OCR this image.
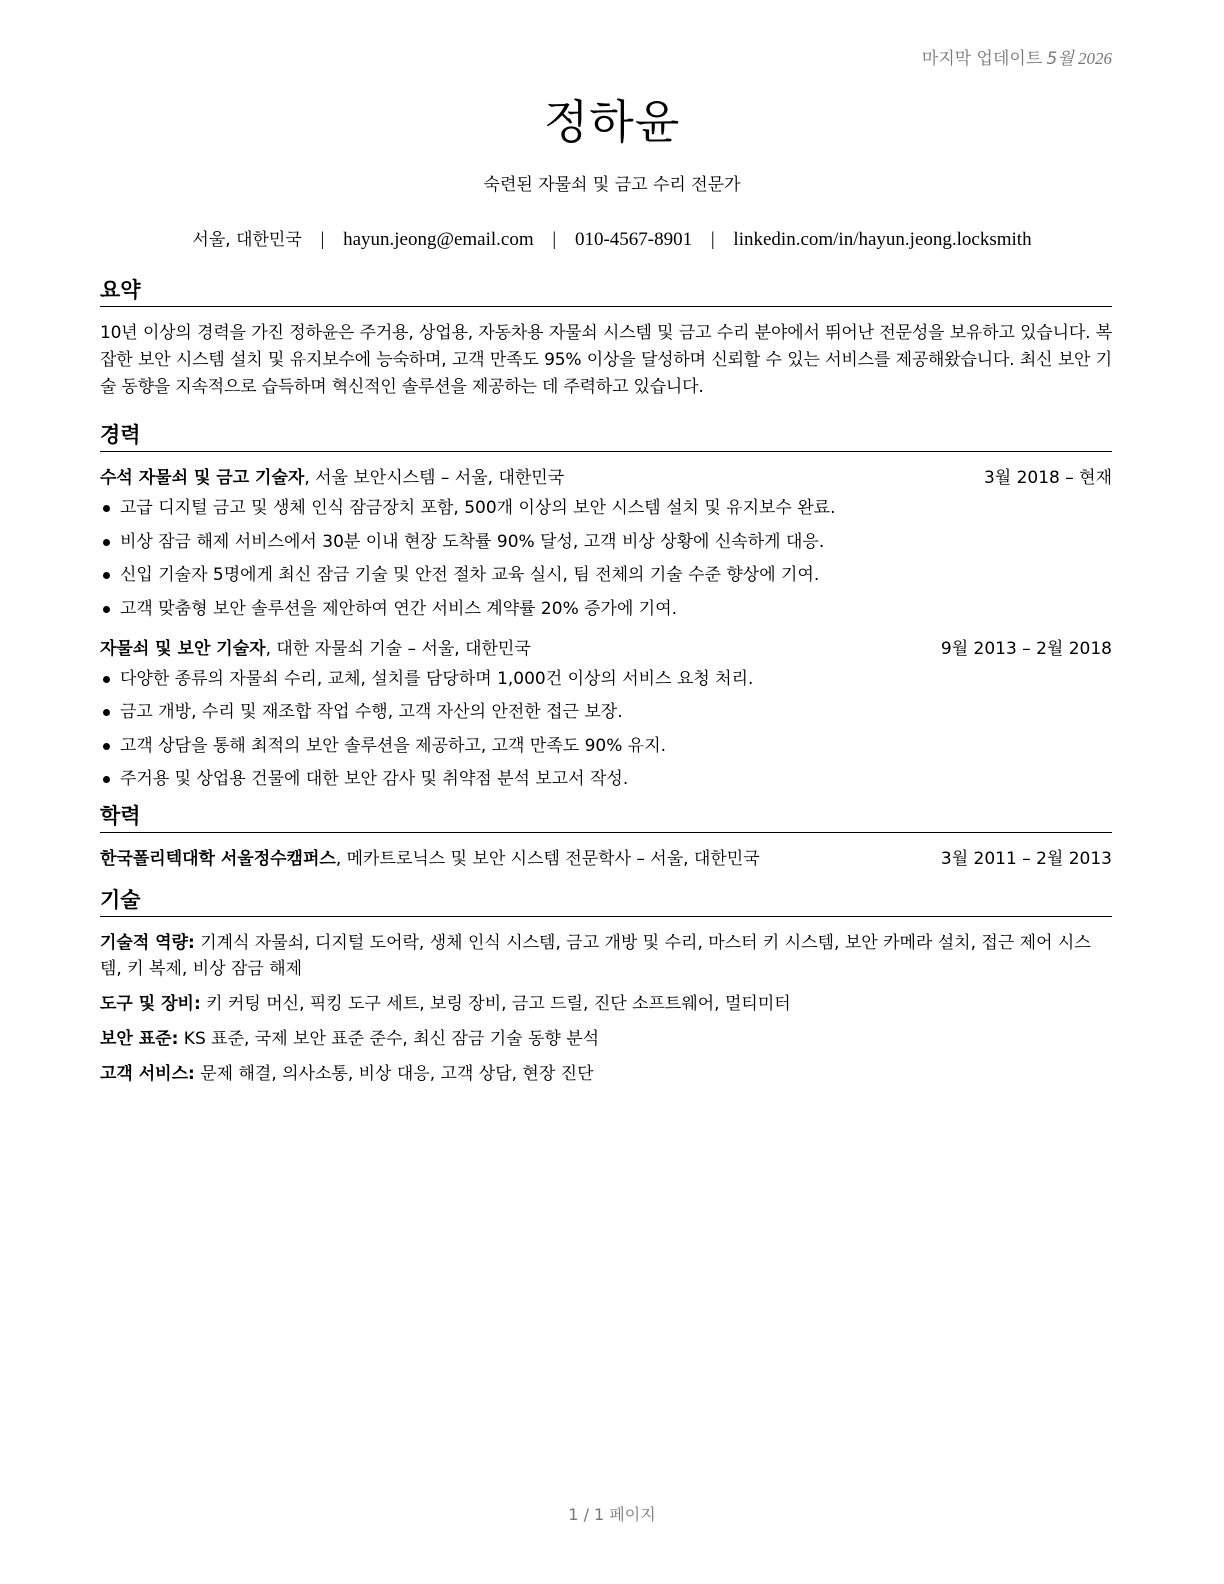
마지막 업데이트 5월 2026
정하윤
숙련된 자물쇠 및 금고 수리 전문가
서울, 대한민국 | hayun.jeong@email.com | 010-4567-8901 | linkedin.com/in/hayun.jeong.locksmith
요약
10년 이상의 경력을 가진 정하윤은 주거용, 상업용, 자동차용 자물쇠 시스템 및 금고 수리 분야에서 뛰어난 전문성을 보유하고 있습니다. 복잡한 보안 시스템 설치 및 유지보수에 능숙하며, 고객 만족도 95% 이상을 달성하며 신뢰할 수 있는 서비스를 제공해왔습니다. 최신 보안 기술 동향을 지속적으로 습득하며 혁신적인 솔루션을 제공하는 데 주력하고 있습니다.
경력
수석 자물쇠 및 금고 기술자, 서울 보안시스템 – 서울, 대한민국	3월 2018 – 현재
고급 디지털 금고 및 생체 인식 잠금장치 포함, 500개 이상의 보안 시스템 설치 및 유지보수 완료.
비상 잠금 해제 서비스에서 30분 이내 현장 도착률 90% 달성, 고객 비상 상황에 신속하게 대응.
신입 기술자 5명에게 최신 잠금 기술 및 안전 절차 교육 실시, 팀 전체의 기술 수준 향상에 기여.
고객 맞춤형 보안 솔루션을 제안하여 연간 서비스 계약률 20% 증가에 기여.
자물쇠 및 보안 기술자, 대한 자물쇠 기술 – 서울, 대한민국	9월 2013 – 2월 2018
다양한 종류의 자물쇠 수리, 교체, 설치를 담당하며 1,000건 이상의 서비스 요청 처리.
금고 개방, 수리 및 재조합 작업 수행, 고객 자산의 안전한 접근 보장.
고객 상담을 통해 최적의 보안 솔루션을 제공하고, 고객 만족도 90% 유지.
주거용 및 상업용 건물에 대한 보안 감사 및 취약점 분석 보고서 작성.
학력
한국폴리텍대학 서울정수캠퍼스, 메카트로닉스 및 보안 시스템 전문학사 – 서울, 대한민국	3월 2011 – 2월 2013
기술

기술적 역량: 기계식 자물쇠, 디지털 도어락, 생체 인식 시스템, 금고 개방 및 수리, 마스터 키 시스템, 보안 카메라 설치, 접근 제어 시스템, 키 복제, 비상 잠금 해제

도구 및 장비: 키 커팅 머신, 픽킹 도구 세트, 보링 장비, 금고 드릴, 진단 소프트웨어, 멀티미터

보안 표준: KS 표준, 국제 보안 표준 준수, 최신 잠금 기술 동향 분석

고객 서비스: 문제 해결, 의사소통, 비상 대응, 고객 상담, 현장 진단

1 / 1 페이지
